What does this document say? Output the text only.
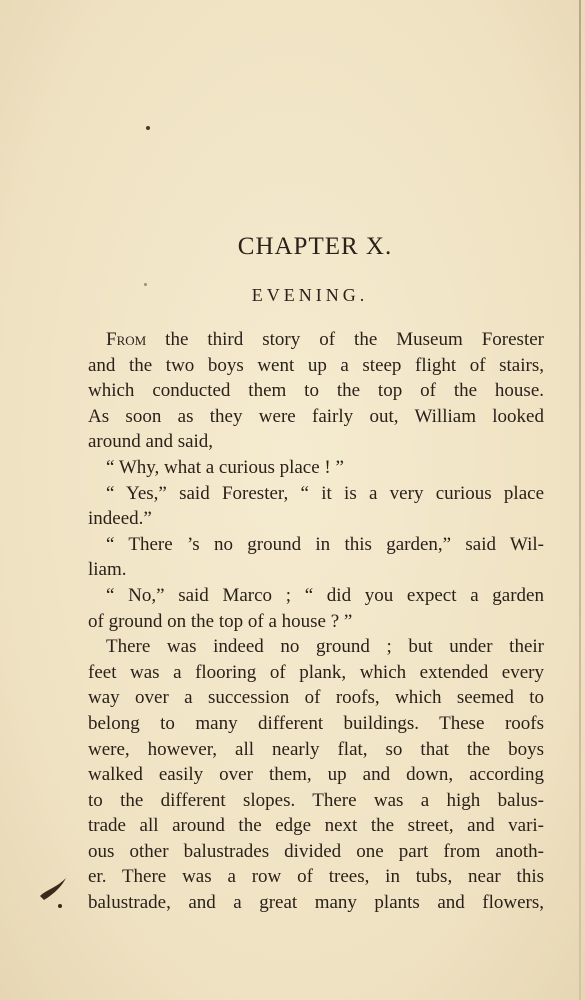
CHAPTER X.
EVENING.
From the third story of the Museum Forester
and the two boys went up a steep flight of stairs,
which conducted them to the top of the house.
As soon as they were fairly out, William looked
around and said,
“ Why, what a curious place ! ”
“ Yes,” said Forester, “ it is a very curious place
indeed.”
“ There ’s no ground in this garden,” said Wil-
liam.
“ No,” said Marco ; “ did you expect a garden
of ground on the top of a house ? ”
There was indeed no ground ; but under their
feet was a flooring of plank, which extended every
way over a succession of roofs, which seemed to
belong to many different buildings. These roofs
were, however, all nearly flat, so that the boys
walked easily over them, up and down, according
to the different slopes. There was a high balus-
trade all around the edge next the street, and vari-
ous other balustrades divided one part from anoth-
er. There was a row of trees, in tubs, near this
balustrade, and a great many plants and flowers,
